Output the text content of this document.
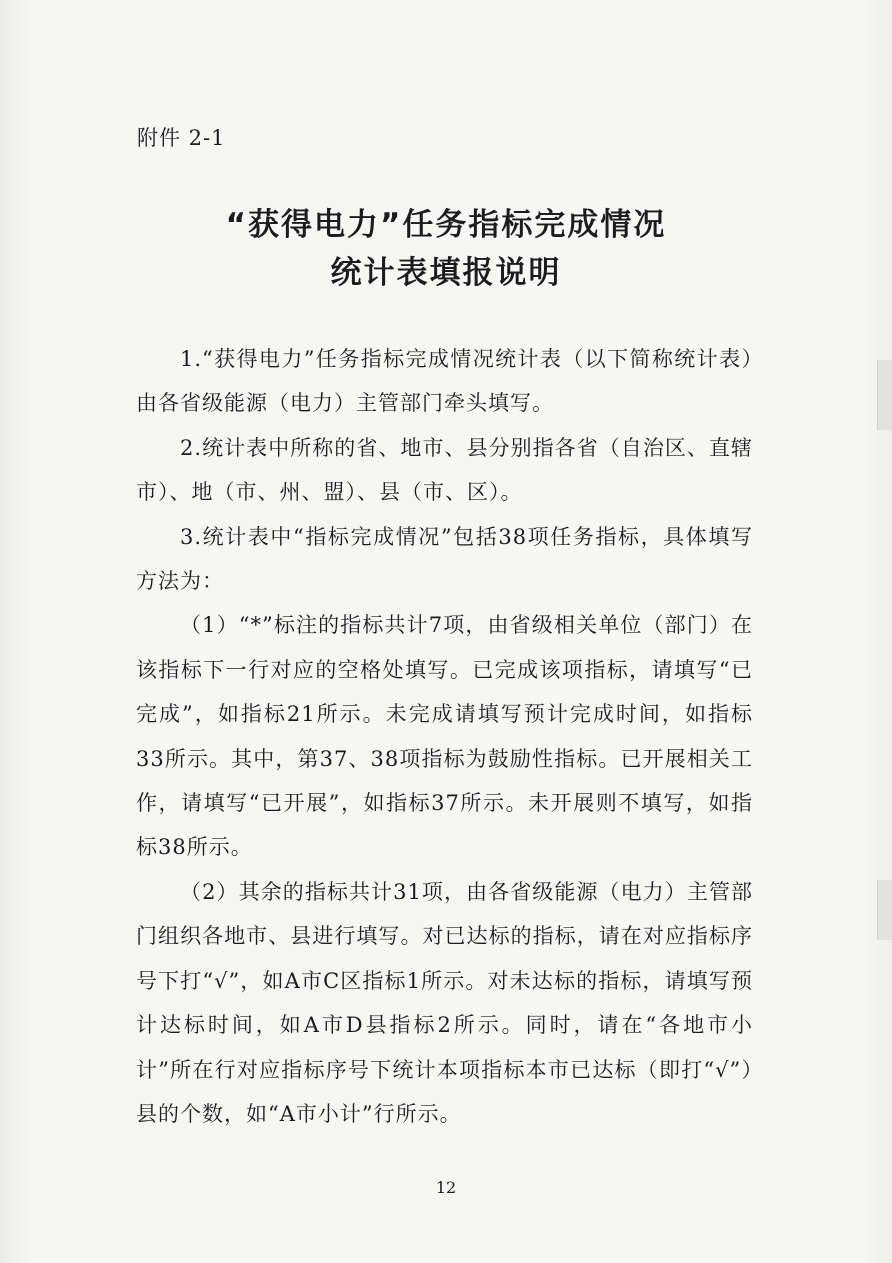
附件 2-1

“获得电力”任务指标完成情况
统计表填报说明

1.“获得电力”任务指标完成情况统计表（以下简称统计表）由各省级能源（电力）主管部门牵头填写。

2.统计表中所称的省、地市、县分别指各省（自治区、直辖市）、地（市、州、盟）、县（市、区）。

3.统计表中“指标完成情况”包括38项任务指标，具体填写方法为：

（1）“*”标注的指标共计7项，由省级相关单位（部门）在该指标下一行对应的空格处填写。已完成该项指标，请填写“已完成”，如指标21所示。未完成请填写预计完成时间，如指标33所示。其中，第37、38项指标为鼓励性指标。已开展相关工作，请填写“已开展”，如指标37所示。未开展则不填写，如指标38所示。

（2）其余的指标共计31项，由各省级能源（电力）主管部门组织各地市、县进行填写。对已达标的指标，请在对应指标序号下打“√”，如A市C区指标1所示。对未达标的指标，请填写预计达标时间，如A市D县指标2所示。同时，请在“各地市小计”所在行对应指标序号下统计本项指标本市已达标（即打“√”）县的个数，如“A市小计”行所示。

12
